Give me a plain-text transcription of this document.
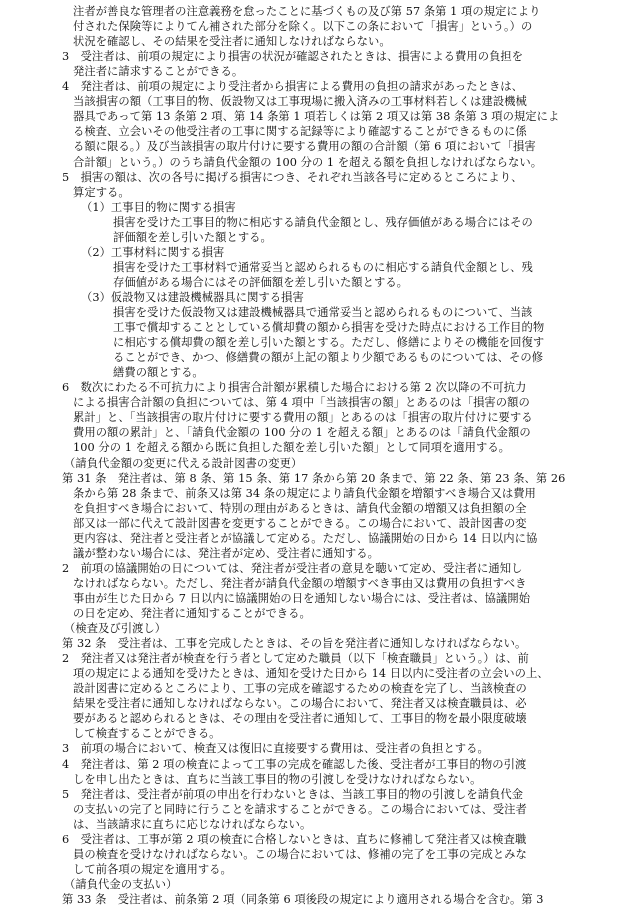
注者が善良な管理者の注意義務を怠ったことに基づくもの及び第 57 条第 1 項の規定により
付された保険等によりてん補された部分を除く。以下この条において「損害」という。）の
状況を確認し、その結果を受注者に通知しなければならない。
3　受注者は、前項の規定により損害の状況が確認されたときは、損害による費用の負担を
発注者に請求することができる。
4　発注者は、前項の規定により受注者から損害による費用の負担の請求があったときは、
当該損害の額（工事目的物、仮設物又は工事現場に搬入済みの工事材料若しくは建設機械
器具であって第 13 条第 2 項、第 14 条第 1 項若しくは第 2 項又は第 38 条第 3 項の規定によ
る検査、立会いその他受注者の工事に関する記録等により確認することができるものに係
る額に限る。）及び当該損害の取片付けに要する費用の額の合計額（第 6 項において「損害
合計額」という。）のうち請負代金額の 100 分の 1 を超える額を負担しなければならない。
5　損害の額は、次の各号に掲げる損害につき、それぞれ当該各号に定めるところにより、
算定する。
（1）工事目的物に関する損害
損害を受けた工事目的物に相応する請負代金額とし、残存価値がある場合にはその
評価額を差し引いた額とする。
（2）工事材料に関する損害
損害を受けた工事材料で通常妥当と認められるものに相応する請負代金額とし、残
存価値がある場合にはその評価額を差し引いた額とする。
（3）仮設物又は建設機械器具に関する損害
損害を受けた仮設物又は建設機械器具で通常妥当と認められるものについて、当該
工事で償却することとしている償却費の額から損害を受けた時点における工作目的物
に相応する償却費の額を差し引いた額とする。ただし、修繕によりその機能を回復す
ることができ、かつ、修繕費の額が上記の額より少額であるものについては、その修
繕費の額とする。
6　数次にわたる不可抗力により損害合計額が累積した場合における第 2 次以降の不可抗力
による損害合計額の負担については、第 4 項中「当該損害の額」とあるのは「損害の額の
累計」と、「当該損害の取片付けに要する費用の額」とあるのは「損害の取片付けに要する
費用の額の累計」と、「請負代金額の 100 分の 1 を超える額」とあるのは「請負代金額の
100 分の 1 を超える額から既に負担した額を差し引いた額」として同項を適用する。
（請負代金額の変更に代える設計図書の変更）
第 31 条　発注者は、第 8 条、第 15 条、第 17 条から第 20 条まで、第 22 条、第 23 条、第 26
条から第 28 条まで、前条又は第 34 条の規定により請負代金額を増額すべき場合又は費用
を負担すべき場合において、特別の理由があるときは、請負代金額の増額又は負担額の全
部又は一部に代えて設計図書を変更することができる。この場合において、設計図書の変
更内容は、発注者と受注者とが協議して定める。ただし、協議開始の日から 14 日以内に協
議が整わない場合には、発注者が定め、受注者に通知する。
2　前項の協議開始の日については、発注者が受注者の意見を聴いて定め、受注者に通知し
なければならない。ただし、発注者が請負代金額の増額すべき事由又は費用の負担すべき
事由が生じた日から 7 日以内に協議開始の日を通知しない場合には、受注者は、協議開始
の日を定め、発注者に通知することができる。
（検査及び引渡し）
第 32 条　受注者は、工事を完成したときは、その旨を発注者に通知しなければならない。
2　発注者又は発注者が検査を行う者として定めた職員（以下「検査職員」という。）は、前
項の規定による通知を受けたときは、通知を受けた日から 14 日以内に受注者の立会いの上、
設計図書に定めるところにより、工事の完成を確認するための検査を完了し、当該検査の
結果を受注者に通知しなければならない。この場合において、発注者又は検査職員は、必
要があると認められるときは、その理由を受注者に通知して、工事目的物を最小限度破壊
して検査することができる。
3　前項の場合において、検査又は復旧に直接要する費用は、受注者の負担とする。
4　発注者は、第 2 項の検査によって工事の完成を確認した後、受注者が工事目的物の引渡
しを申し出たときは、直ちに当該工事目的物の引渡しを受けなければならない。
5　発注者は、受注者が前項の申出を行わないときは、当該工事目的物の引渡しを請負代金
の支払いの完了と同時に行うことを請求することができる。この場合においては、受注者
は、当該請求に直ちに応じなければならない。
6　受注者は、工事が第 2 項の検査に合格しないときは、直ちに修補して発注者又は検査職
員の検査を受けなければならない。この場合においては、修補の完了を工事の完成とみな
して前各項の規定を適用する。
（請負代金の支払い）
第 33 条　受注者は、前条第 2 項（同条第 6 項後段の規定により適用される場合を含む。第 3
